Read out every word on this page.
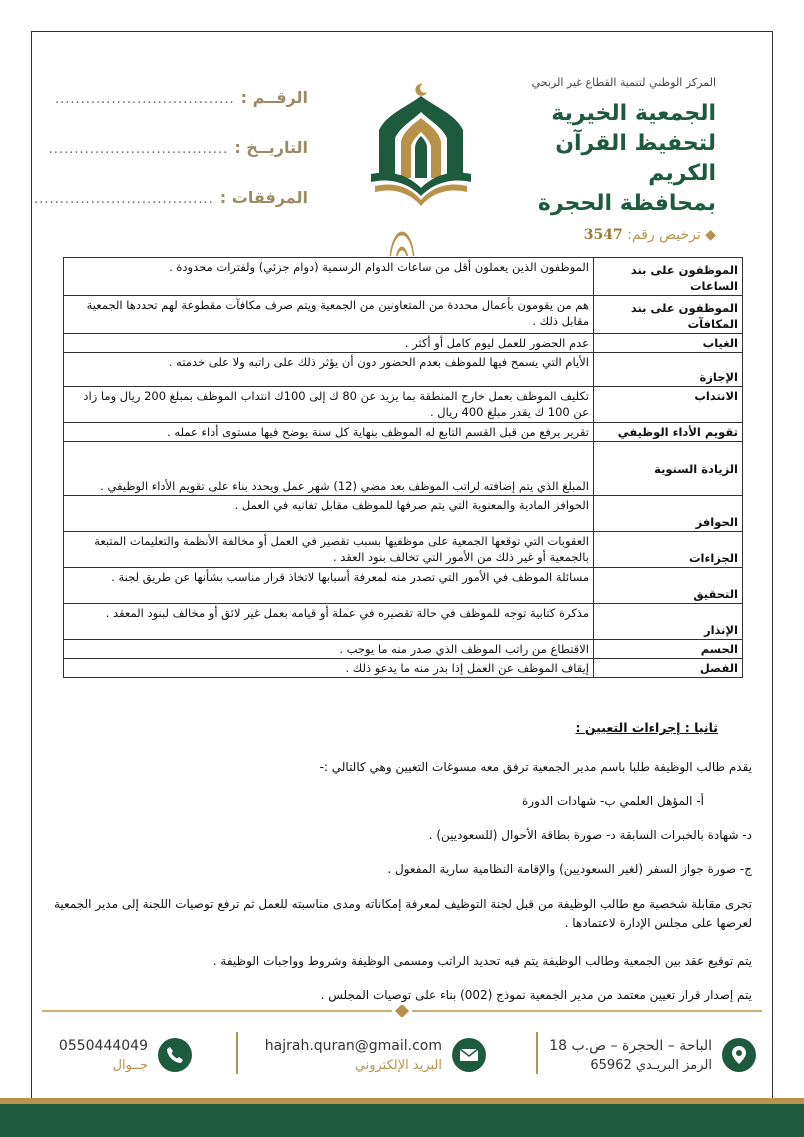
الرقــم :
...................................
التاريــخ :
...................................
المرفقات :
...................................
المركز الوطني لتنمية القطاع غير الربحي
الجمعية الخيرية
لتحفيظ القرآن الكريم
بمحافظة الحجرة
◆ ترخيص رقم: 3547
الموظفون على بند الساعات	الموظفون الذين يعملون أقل من ساعات الدوام الرسمية (دوام جزئي) ولفترات محدودة .
الموظفون على بند المكافآت	هم من يقومون بأعمال محددة من المتعاونين من الجمعية ويتم صرف مكافآت مقطوعة لهم تحددها الجمعية مقابل ذلك .
الغياب	عدم الحضور للعمل ليوم كامل أو أكثر .
الإجازة	الأيام التي يسمح فيها للموظف بعدم الحضور دون أن يؤثر ذلك على راتبه ولا على خدمته .
الانتداب	تكليف الموظف بعمل خارج المنطقة بما يزيد عن 80 ك إلى 100ك انتداب الموظف بمبلغ 200 ريال وما زاد عن 100 ك يقدر مبلغ 400 ريال .
تقويم الأداء الوظيفي	تقرير يرفع من قبل القسم التابع له الموظف بنهاية كل سنة يوضح فيها مستوى أداء عمله .
الزيادة السنوية	المبلغ الذي يتم إضافته لراتب الموظف بعد مضي (12) شهر عمل ويحدد بناء على تقويم الأداء الوظيفي .
الحوافز	الحوافز المادية والمعنوية التي يتم صرفها للموظف مقابل تفانيه في العمل .
الجزاءات	العقوبات التي توقعها الجمعية على موظفيها بسبب تقصير في العمل أو مخالفة الأنظمة والتعليمات المتبعة بالجمعية أو غير ذلك من الأمور التي تخالف بنود العقد .
التحقيق	مسائلة الموظف في الأمور التي تصدر منه لمعرفة أسبابها لاتخاذ قرار مناسب بشأنها عن طريق لجنة .
الإنذار	مذكرة كتابية توجه للموظف في حالة تقصيره في عملة أو قيامه بعمل غير لائق أو مخالف لبنود المعقد .
الحسم	الاقتطاع من راتب الموظف الذي صدر منه ما يوجب .
الفصل	إيقاف الموظف عن العمل إذا بدر منه ما يدعو ذلك .
ثانيا : إجراءات التعيين :
يقدم طالب الوظيفة طلبا باسم مدير الجمعية ترفق معه مسوغات التعيين وهي كالتالي :-
أ- المؤهل العلمي ب- شهادات الدورة
د- شهادة بالخبرات السابقة د- صورة بطاقة الأحوال (للسعوديين) .
ج- صورة جواز السفر (لغير السعوديين) والإقامة النظامية سارية المفعول .
تجرى مقابلة شخصية مع طالب الوظيفة من قبل لجنة التوظيف لمعرفة إمكاناته ومدى مناسبته للعمل ثم ترفع توصيات اللجنة إلى مدير الجمعية لعرضها على مجلس الإدارة لاعتمادها .
يتم توقيع عقد بين الجمعية وطالب الوظيفة يتم فيه تحديد الراتب ومسمى الوظيفة وشروط وواجبات الوظيفة .
يتم إصدار قرار تعيين معتمد من مدير الجمعية نموذج (002) بناء على توصيات المجلس .
الباحة – الحجرة – ص.ب 18
الرمز البريـدي 65962
hajrah.quran@gmail.com
البريد الإلكتروني
0550444049
جــوال
